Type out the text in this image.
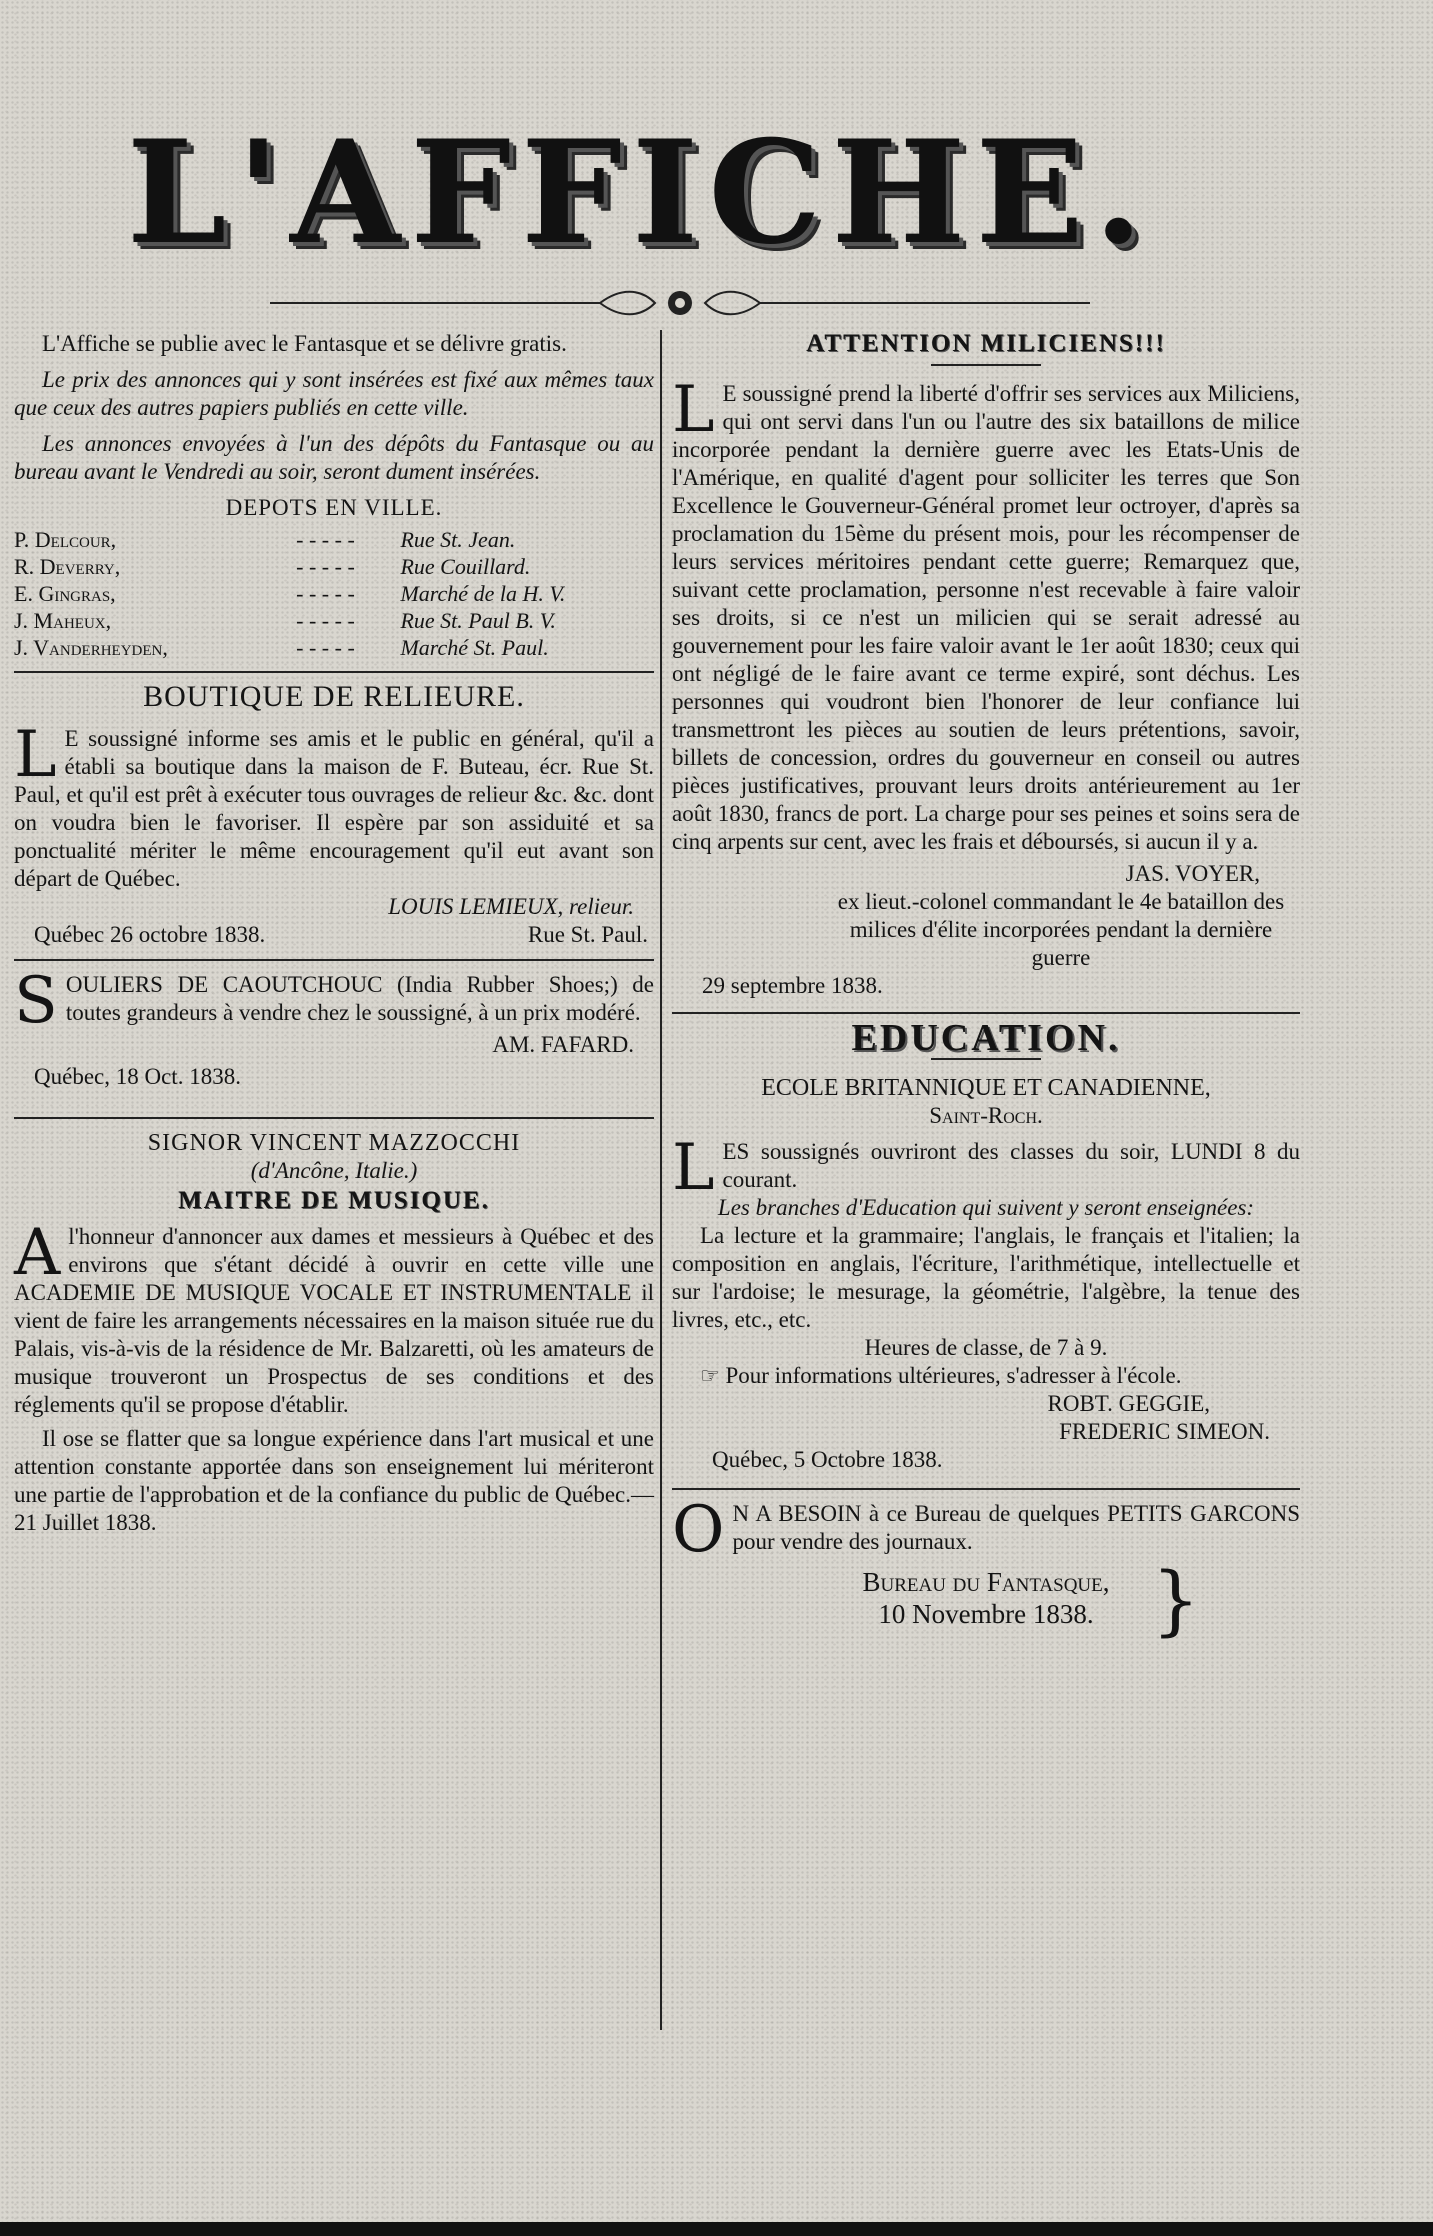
L'AFFICHE.

L'Affiche se publie avec le Fantasque et se délivre gratis.

Le prix des annonces qui y sont insérées est fixé aux mêmes taux que ceux des autres papiers publiés en cette ville.

Les annonces envoyées à l'un des dépôts du Fantasque ou au bureau avant le Vendredi au soir, seront dument insérées.

DEPOTS EN VILLE.
P. Delcour,	- - - - -	Rue St. Jean.
R. Deverry,	- - - - -	Rue Couillard.
E. Gingras,	- - - - -	Marché de la H. V.
J. Maheux,	- - - - -	Rue St. Paul B. V.
J. Vanderheyden,	- - - - -	Marché St. Paul.
BOUTIQUE DE RELIEURE.

L E soussigné informe ses amis et le public en général, qu'il a établi sa boutique dans la maison de F. Buteau, écr. Rue St. Paul, et qu'il est prêt à exécuter tous ouvrages de relieur &c. &c. dont on voudra bien le favoriser. Il espère par son assiduité et sa ponctualité mériter le même encouragement qu'il eut avant son départ de Québec.

LOUIS LEMIEUX, relieur.
Québec 26 octobre 1838.	Rue St. Paul.

SOULIERS DE CAOUTCHOUC (India Rubber Shoes;) de toutes grandeurs à vendre chez le soussigné, à un prix modéré.

AM. FAFARD.
Québec, 18 Oct. 1838.
SIGNOR VINCENT MAZZOCCHI
(d'Ancône, Italie.)
MAITRE DE MUSIQUE.

Al'honneur d'annoncer aux dames et messieurs à Québec et des environs que s'étant décidé à ouvrir en cette ville une ACADEMIE DE MUSIQUE VOCALE ET INSTRUMENTALE il vient de faire les arrangements nécessaires en la maison située rue du Palais, vis-à-vis de la résidence de Mr. Balzaretti, où les amateurs de musique trouveront un Prospectus de ses conditions et des réglements qu'il se propose d'établir.

Il ose se flatter que sa longue expérience dans l'art musical et une attention constante apportée dans son enseignement lui mériteront une partie de l'approbation et de la confiance du public de Québec.—21 Juillet 1838.

ATTENTION MILICIENS!!!

L E soussigné prend la liberté d'offrir ses services aux Miliciens, qui ont servi dans l'un ou l'autre des six bataillons de milice incorporée pendant la dernière guerre avec les Etats-Unis de l'Amérique, en qualité d'agent pour solliciter les terres que Son Excellence le Gouverneur-Général promet leur octroyer, d'après sa proclamation du 15ème du présent mois, pour les récompenser de leurs services méritoires pendant cette guerre; Remarquez que, suivant cette proclamation, personne n'est recevable à faire valoir ses droits, si ce n'est un milicien qui se serait adressé au gouvernement pour les faire valoir avant le 1er août 1830; ceux qui ont négligé de le faire avant ce terme expiré, sont déchus. Les personnes qui voudront bien l'honorer de leur confiance lui transmettront les pièces au soutien de leurs prétentions, savoir, billets de concession, ordres du gouverneur en conseil ou autres pièces justificatives, prouvant leurs droits antérieurement au 1er août 1830, francs de port. La charge pour ses peines et soins sera de cinq arpents sur cent, avec les frais et déboursés, si aucun il y a.

JAS. VOYER,
ex lieut.-colonel commandant le 4e bataillon des milices d'élite incorporées pendant la dernière guerre
29 septembre 1838.
EDUCATION.
ECOLE BRITANNIQUE ET CANADIENNE,
Saint-Roch.

LES soussignés ouvriront des classes du soir, LUNDI 8 du courant.

Les branches d'Education qui suivent y seront enseignées:

La lecture et la grammaire; l'anglais, le français et l'italien; la composition en anglais, l'écriture, l'arithmétique, intellectuelle et sur l'ardoise; le mesurage, la géométrie, l'algèbre, la tenue des livres, etc., etc.

Heures de classe, de 7 à 9.

☞ Pour informations ultérieures, s'adresser à l'école.

ROBT. GEGGIE,
FREDERIC SIMEON.
Québec, 5 Octobre 1838.

O N A BESOIN à ce Bureau de quelques PETITS GARCONS pour vendre des journaux.

Bureau du Fantasque,
10 Novembre 1838. }
